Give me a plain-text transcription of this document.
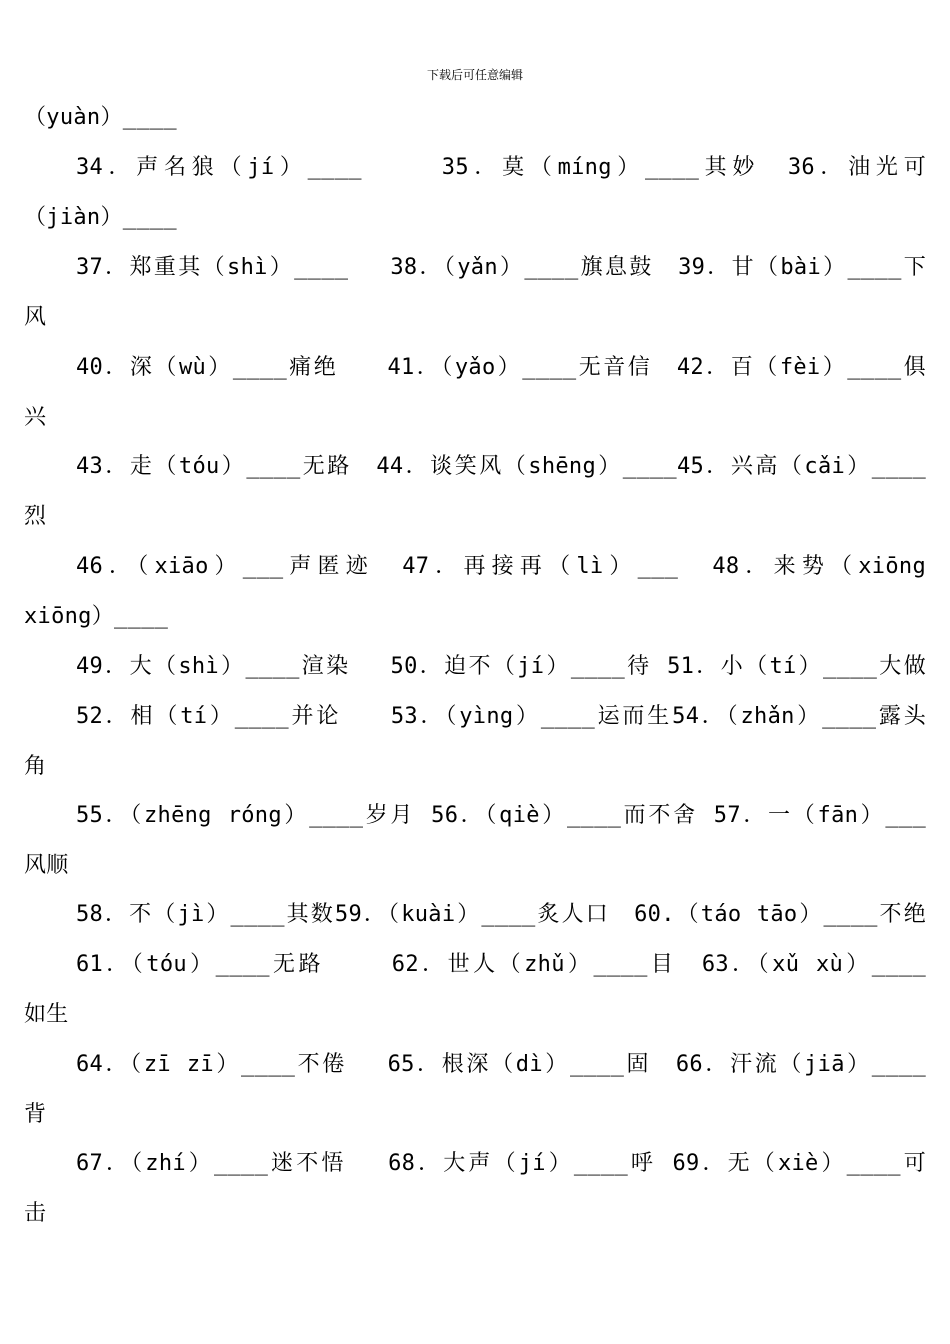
下载后可任意编辑
（yuàn）____
34．声名狼（jí）____　　 35．莫（míng）____其妙　36．油光可
（jiàn）____
37．郑重其（shì）____　 38．（yǎn）____旗息鼓　39．甘（bài）____下
风
40．深（wù）____痛绝　　41．（yǎo）____无音信　42．百（fèi）____俱
兴
43．走（tóu）____无路　44．谈笑风（shēng）____45．兴高（cǎi）____
烈
46．（xiāo）___声匿迹　47．再接再（lì）___　48．来势（xiōng
xiōng）____
49．大（shì）____渲染　 50．迫不（jí）____待 51．小（tí）____大做
52．相（tí）____并论　　53．（yìng）____运而生54．（zhǎn）____露头
角
55．（zhēng róng）____岁月 56．（qiè）____而不舍 57．一（fān）___
风顺
58．不（jì）____其数59．（kuài）____炙人口　60.（táo tāo）____不绝
61．（tóu）____无路　　 62．世人（zhǔ）____目　63．（xǔ xù）____
如生
64．（zī zī）____不倦　 65．根深（dì）____固　66．汗流（jiā）____
背
67．（zhí）____迷不悟　 68．大声（jí）____呼 69．无（xiè）____可
击
